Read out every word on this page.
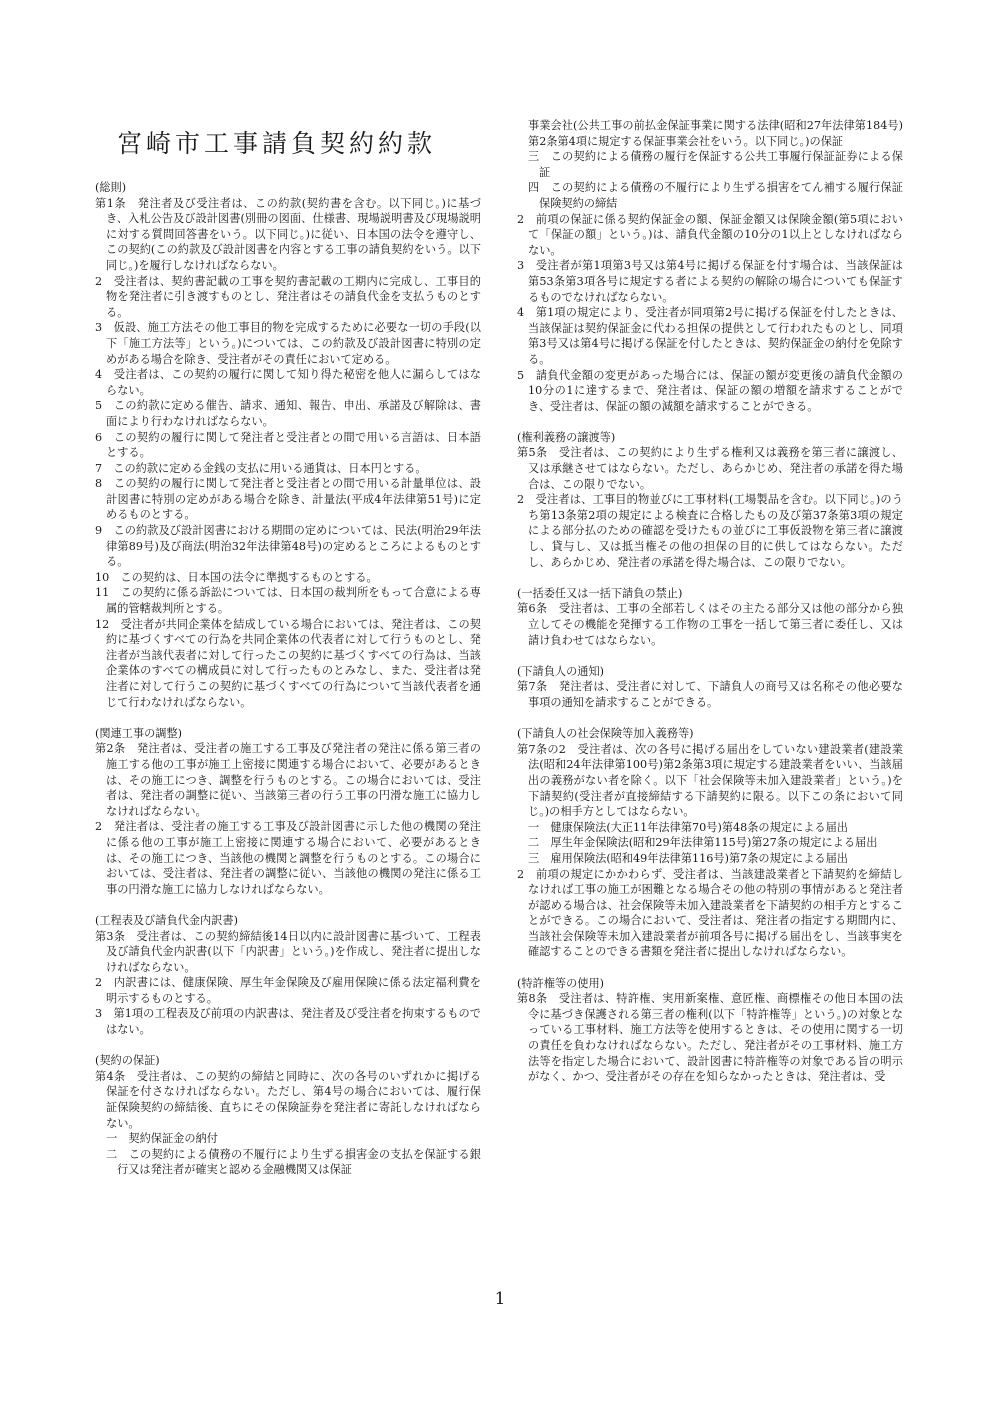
宮崎市工事請負契約約款
(総則)
第1条　発注者及び受注者は、この約款(契約書を含む。以下同じ。)に基づき、入札公告及び設計図書(別冊の図面、仕様書、現場説明書及び現場説明に対する質問回答書をいう。以下同じ。)に従い、日本国の法令を遵守し、この契約(この約款及び設計図書を内容とする工事の請負契約をいう。以下同じ。)を履行しなければならない。
2　受注者は、契約書記載の工事を契約書記載の工期内に完成し、工事目的物を発注者に引き渡すものとし、発注者はその請負代金を支払うものとする。
3　仮設、施工方法その他工事目的物を完成するために必要な一切の手段(以下「施工方法等」という。)については、この約款及び設計図書に特別の定めがある場合を除き、受注者がその責任において定める。
4　受注者は、この契約の履行に関して知り得た秘密を他人に漏らしてはならない。
5　この約款に定める催告、請求、通知、報告、申出、承諾及び解除は、書面により行わなければならない。
6　この契約の履行に関して発注者と受注者との間で用いる言語は、日本語とする。
7　この約款に定める金銭の支払に用いる通貨は、日本円とする。
8　この契約の履行に関して発注者と受注者との間で用いる計量単位は、設計図書に特別の定めがある場合を除き、計量法(平成4年法律第51号)に定めるものとする。
9　この約款及び設計図書における期間の定めについては、民法(明治29年法律第89号)及び商法(明治32年法律第48号)の定めるところによるものとする。
10　この契約は、日本国の法令に準拠するものとする。
11　この契約に係る訴訟については、日本国の裁判所をもって合意による専属的管轄裁判所とする。
12　受注者が共同企業体を結成している場合においては、発注者は、この契約に基づくすべての行為を共同企業体の代表者に対して行うものとし、発注者が当該代表者に対して行ったこの契約に基づくすべての行為は、当該企業体のすべての構成員に対して行ったものとみなし、また、受注者は発注者に対して行うこの契約に基づくすべての行為について当該代表者を通じて行わなければならない。
(関連工事の調整)
第2条　発注者は、受注者の施工する工事及び発注者の発注に係る第三者の施工する他の工事が施工上密接に関連する場合において、必要があるときは、その施工につき、調整を行うものとする。この場合においては、受注者は、発注者の調整に従い、当該第三者の行う工事の円滑な施工に協力しなければならない。
2　発注者は、受注者の施工する工事及び設計図書に示した他の機関の発注に係る他の工事が施工上密接に関連する場合において、必要があるときは、その施工につき、当該他の機関と調整を行うものとする。この場合においては、受注者は、発注者の調整に従い、当該他の機関の発注に係る工事の円滑な施工に協力しなければならない。
(工程表及び請負代金内訳書)
第3条　受注者は、この契約締結後14日以内に設計図書に基づいて、工程表及び請負代金内訳書(以下「内訳書」という。)を作成し、発注者に提出しなければならない。
2　内訳書には、健康保険、厚生年金保険及び雇用保険に係る法定福利費を明示するものとする。
3　第1項の工程表及び前項の内訳書は、発注者及び受注者を拘束するものではない。
(契約の保証)
第4条　受注者は、この契約の締結と同時に、次の各号のいずれかに掲げる保証を付さなければならない。ただし、第4号の場合においては、履行保証保険契約の締結後、直ちにその保険証券を発注者に寄託しなければならない。
一　契約保証金の納付
二　この契約による債務の不履行により生ずる損害金の支払を保証する銀行又は発注者が確実と認める金融機関又は保証
事業会社(公共工事の前払金保証事業に関する法律(昭和27年法律第184号)第2条第4項に規定する保証事業会社をいう。以下同じ。)の保証
三　この契約による債務の履行を保証する公共工事履行保証証券による保証
四　この契約による債務の不履行により生ずる損害をてん補する履行保証保険契約の締結
2　前項の保証に係る契約保証金の額、保証金額又は保険金額(第5項において「保証の額」という。)は、請負代金額の10分の1以上としなければならない。
3　受注者が第1項第3号又は第4号に掲げる保証を付す場合は、当該保証は第53条第3項各号に規定する者による契約の解除の場合についても保証するものでなければならない。
4　第1項の規定により、受注者が同項第2号に掲げる保証を付したときは、当該保証は契約保証金に代わる担保の提供として行われたものとし、同項第3号又は第4号に掲げる保証を付したときは、契約保証金の納付を免除する。
5　請負代金額の変更があった場合には、保証の額が変更後の請負代金額の10分の1に達するまで、発注者は、保証の額の増額を請求することができ、受注者は、保証の額の減額を請求することができる。
(権利義務の譲渡等)
第5条　受注者は、この契約により生ずる権利又は義務を第三者に譲渡し、又は承継させてはならない。ただし、あらかじめ、発注者の承諾を得た場合は、この限りでない。
2　受注者は、工事目的物並びに工事材料(工場製品を含む。以下同じ。)のうち第13条第2項の規定による検査に合格したもの及び第37条第3項の規定による部分払のための確認を受けたもの並びに工事仮設物を第三者に譲渡し、貸与し、又は抵当権その他の担保の目的に供してはならない。ただし、あらかじめ、発注者の承諾を得た場合は、この限りでない。
(一括委任又は一括下請負の禁止)
第6条　受注者は、工事の全部若しくはその主たる部分又は他の部分から独立してその機能を発揮する工作物の工事を一括して第三者に委任し、又は請け負わせてはならない。
(下請負人の通知)
第7条　発注者は、受注者に対して、下請負人の商号又は名称その他必要な事項の通知を請求することができる。
(下請負人の社会保険等加入義務等)
第7条の2　受注者は、次の各号に掲げる届出をしていない建設業者(建設業法(昭和24年法律第100号)第2条第3項に規定する建設業者をいい、当該届出の義務がない者を除く。以下「社会保険等未加入建設業者」という。)を下請契約(受注者が直接締結する下請契約に限る。以下この条において同じ。)の相手方としてはならない。
一　健康保険法(大正11年法律第70号)第48条の規定による届出
二　厚生年金保険法(昭和29年法律第115号)第27条の規定による届出
三　雇用保険法(昭和49年法律第116号)第7条の規定による届出
2　前項の規定にかかわらず、受注者は、当該建設業者と下請契約を締結しなければ工事の施工が困難となる場合その他の特別の事情があると発注者が認める場合は、社会保険等未加入建設業者を下請契約の相手方とすることができる。この場合において、受注者は、発注者の指定する期間内に、当該社会保険等未加入建設業者が前項各号に掲げる届出をし、当該事実を確認することのできる書類を発注者に提出しなければならない。
(特許権等の使用)
第8条　受注者は、特許権、実用新案権、意匠権、商標権その他日本国の法令に基づき保護される第三者の権利(以下「特許権等」という。)の対象となっている工事材料、施工方法等を使用するときは、その使用に関する一切の責任を負わなければならない。ただし、発注者がその工事材料、施工方法等を指定した場合において、設計図書に特許権等の対象である旨の明示がなく、かつ、受注者がその存在を知らなかったときは、発注者は、受
1
